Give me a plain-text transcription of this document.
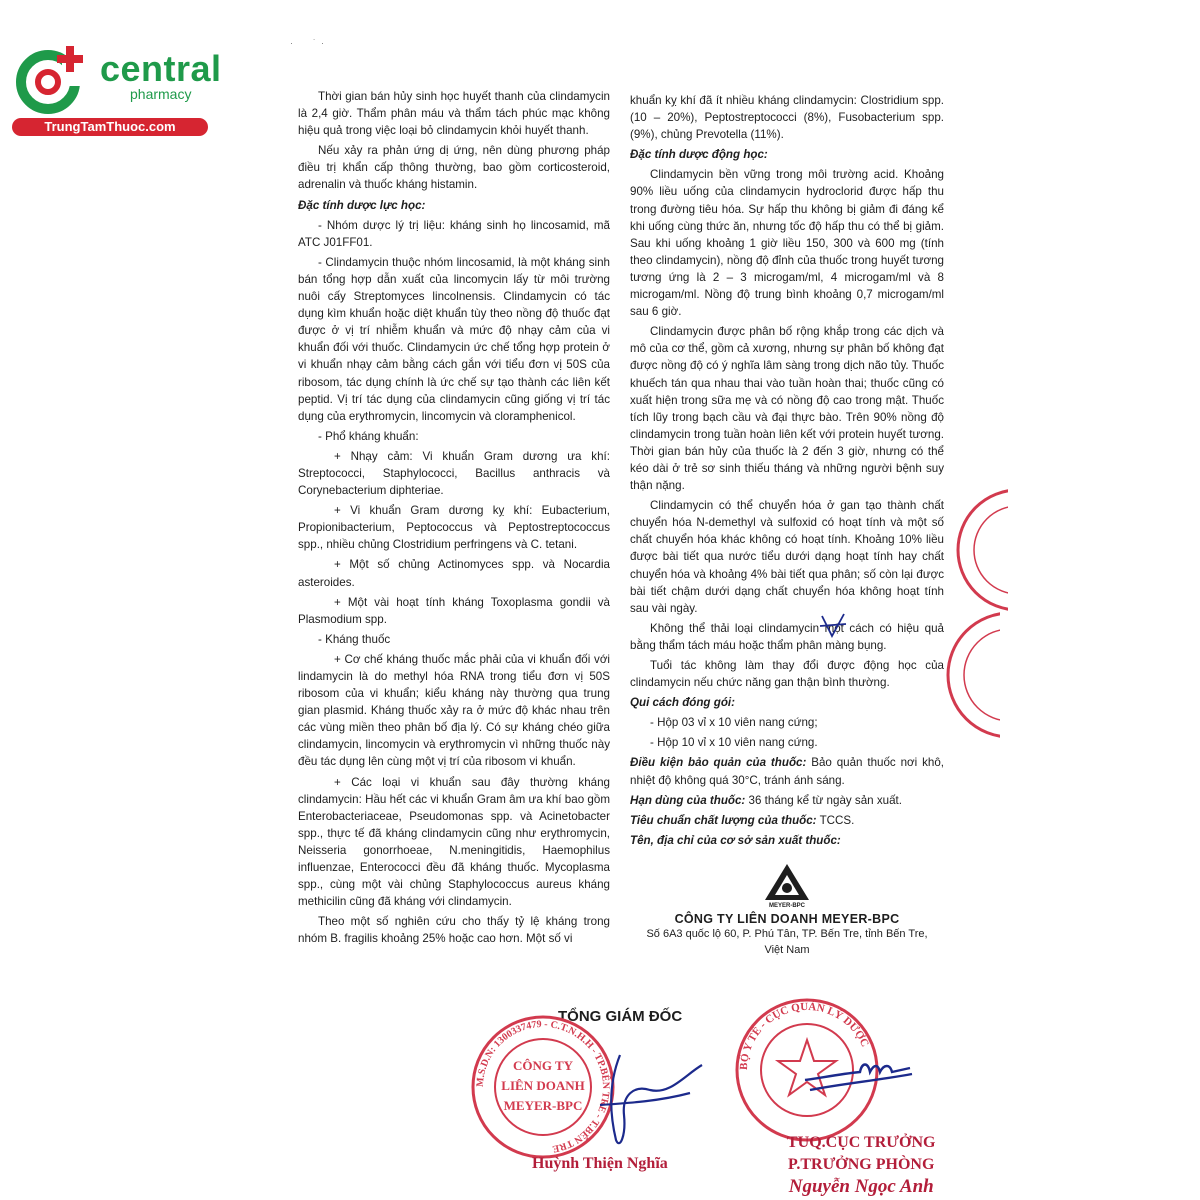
central
pharmacy
TrungTamThuoc.com
·        ˙  ·

Thời gian bán hủy sinh học huyết thanh của clindamycin là 2,4 giờ. Thẩm phân máu và thẩm tách phúc mạc không hiệu quả trong việc loại bỏ clindamycin khỏi huyết thanh.

Nếu xảy ra phản ứng dị ứng, nên dùng phương pháp điều trị khẩn cấp thông thường, bao gồm corticosteroid, adrenalin và thuốc kháng histamin.

Đặc tính dược lực học:

- Nhóm dược lý trị liệu: kháng sinh họ lincosamid, mã ATC J01FF01.

- Clindamycin thuộc nhóm lincosamid, là một kháng sinh bán tổng hợp dẫn xuất của lincomycin lấy từ môi trường nuôi cấy Streptomyces lincolnensis. Clindamycin có tác dụng kìm khuẩn hoặc diệt khuẩn tùy theo nồng độ thuốc đạt được ở vị trí nhiễm khuẩn và mức độ nhạy cảm của vi khuẩn đối với thuốc. Clindamycin ức chế tổng hợp protein ở vi khuẩn nhạy cảm bằng cách gắn với tiểu đơn vị 50S của ribosom, tác dụng chính là ức chế sự tạo thành các liên kết peptid. Vị trí tác dụng của clindamycin cũng giống vị trí tác dụng của erythromycin, lincomycin và cloramphenicol.

- Phổ kháng khuẩn:

+ Nhạy cảm: Vi khuẩn Gram dương ưa khí: Streptococci, Staphylococci, Bacillus anthracis và Corynebacterium diphteriae.

+ Vi khuẩn Gram dương kỵ khí: Eubacterium, Propionibacterium, Peptococcus và Peptostreptococcus spp., nhiều chủng Clostridium perfringens và C. tetani.

+ Một số chủng Actinomyces spp. và Nocardia asteroides.

+ Một vài hoạt tính kháng Toxoplasma gondii và Plasmodium spp.

- Kháng thuốc

+ Cơ chế kháng thuốc mắc phải của vi khuẩn đối với lindamycin là do methyl hóa RNA trong tiểu đơn vị 50S ribosom của vi khuẩn; kiểu kháng này thường qua trung gian plasmid. Kháng thuốc xảy ra ở mức độ khác nhau trên các vùng miền theo phân bố địa lý. Có sự kháng chéo giữa clindamycin, lincomycin và erythromycin vì những thuốc này đều tác dụng lên cùng một vị trí của ribosom vi khuẩn.

+ Các loại vi khuẩn sau đây thường kháng clindamycin: Hầu hết các vi khuẩn Gram âm ưa khí bao gồm Enterobacteriaceae, Pseudomonas spp. và Acinetobacter spp., thực tế đã kháng clindamycin cũng như erythromycin, Neisseria gonorrhoeae, N.meningitidis, Haemophilus influenzae, Enterococci đều đã kháng thuốc. Mycoplasma spp., cùng một vài chủng Staphylococcus aureus kháng methicilin cũng đã kháng với clindamycin.

Theo một số nghiên cứu cho thấy tỷ lệ kháng trong nhóm B. fragilis khoảng 25% hoặc cao hơn. Một số vi

khuẩn kỵ khí đã ít nhiều kháng clindamycin: Clostridium spp. (10 – 20%), Peptostreptococci (8%), Fusobacterium spp. (9%), chủng Prevotella (11%).

Đặc tính dược động học:

Clindamycin bền vững trong môi trường acid. Khoảng 90% liều uống của clindamycin hydroclorid được hấp thu trong đường tiêu hóa. Sự hấp thu không bị giảm đi đáng kể khi uống cùng thức ăn, nhưng tốc độ hấp thu có thể bị giảm. Sau khi uống khoảng 1 giờ liều 150, 300 và 600 mg (tính theo clindamycin), nồng độ đỉnh của thuốc trong huyết tương tương ứng là 2 – 3 microgam/ml, 4 microgam/ml và 8 microgam/ml. Nồng độ trung bình khoảng 0,7 microgam/ml sau 6 giờ.

Clindamycin được phân bố rộng khắp trong các dịch và mô của cơ thể, gồm cả xương, nhưng sự phân bố không đạt được nồng độ có ý nghĩa lâm sàng trong dịch não tủy. Thuốc khuếch tán qua nhau thai vào tuần hoàn thai; thuốc cũng có xuất hiện trong sữa mẹ và có nồng độ cao trong mật. Thuốc tích lũy trong bạch cầu và đại thực bào. Trên 90% nồng độ clindamycin trong tuần hoàn liên kết với protein huyết tương. Thời gian bán hủy của thuốc là 2 đến 3 giờ, nhưng có thể kéo dài ở trẻ sơ sinh thiếu tháng và những người bệnh suy thận nặng.

Clindamycin có thể chuyển hóa ở gan tạo thành chất chuyển hóa N-demethyl và sulfoxid có hoạt tính và một số chất chuyển hóa khác không có hoạt tính. Khoảng 10% liều được bài tiết qua nước tiểu dưới dạng hoạt tính hay chất chuyển hóa và khoảng 4% bài tiết qua phân; số còn lại được bài tiết chậm dưới dạng chất chuyển hóa không hoạt tính sau vài ngày.

Không thể thải loại clindamycin một cách có hiệu quả bằng thẩm tách máu hoặc thẩm phân màng bụng.

Tuổi tác không làm thay đổi được động học của clindamycin nếu chức năng gan thận bình thường.

Qui cách đóng gói:

- Hộp 03 vỉ x 10 viên nang cứng;

- Hộp 10 vỉ x 10 viên nang cứng.

Điều kiện bảo quản của thuốc: Bảo quản thuốc nơi khô, nhiệt độ không quá 30°C, tránh ánh sáng.

Hạn dùng của thuốc: 36 tháng kể từ ngày sản xuất.

Tiêu chuẩn chất lượng của thuốc: TCCS.

Tên, địa chỉ của cơ sở sản xuất thuốc:

MEYER-BPC
CÔNG TY LIÊN DOANH MEYER-BPC
Số 6A3 quốc lộ 60, P. Phú Tân, TP. Bến Tre, tỉnh Bến Tre,
Việt Nam
TỔNG GIÁM ĐỐC
M.S.D.N: 1300337479 - C.T.N.H.H - TP.BẾN TRE - T.BẾN TRE
CÔNG TY
LIÊN DOANH
MEYER-BPC
BỘ Y TẾ - CỤC QUẢN LÝ DƯỢC
Huỳnh Thiện Nghĩa
TUQ.CỤC TRƯỞNG
P.TRƯỞNG PHÒNG
Nguyễn Ngọc Anh
